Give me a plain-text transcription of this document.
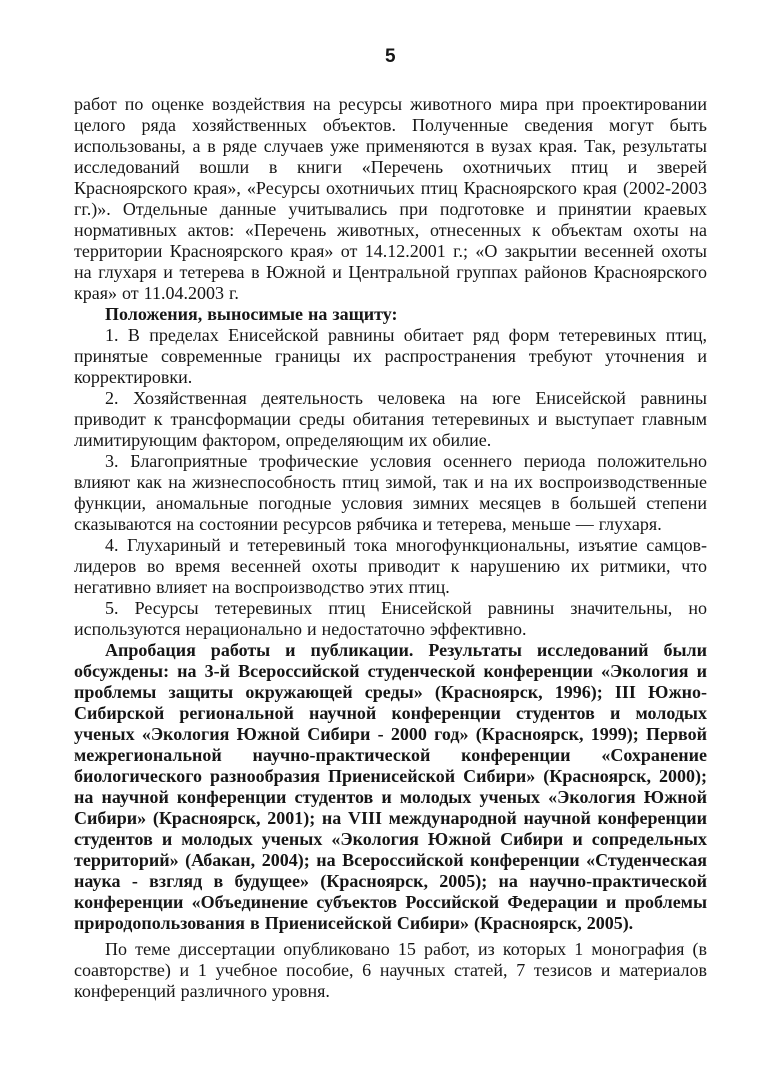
5

работ по оценке воздействия на ресурсы животного мира при проектировании целого ряда хозяйственных объектов. Полученные сведения могут быть использованы, а в ряде случаев уже применяются в вузах края. Так, результаты исследований вошли в книги «Перечень охотничьих птиц и зверей Красноярского края», «Ресурсы охотничьих птиц Красноярского края (2002-2003 гг.)». Отдельные данные учитывались при подготовке и принятии краевых нормативных актов: «Перечень животных, отнесенных к объектам охоты на территории Красноярского края» от 14.12.2001 г.; «О закрытии весенней охоты на глухаря и тетерева в Южной и Центральной группах районов Красноярского края» от 11.04.2003 г.

Положения, выносимые на защиту:

1. В пределах Енисейской равнины обитает ряд форм тетеревиных птиц, принятые современные границы их распространения требуют уточнения и корректировки.

2. Хозяйственная деятельность человека на юге Енисейской равнины приводит к трансформации среды обитания тетеревиных и выступает главным лимитирующим фактором, определяющим их обилие.

3. Благоприятные трофические условия осеннего периода положительно влияют как на жизнеспособность птиц зимой, так и на их воспроизводственные функции, аномальные погодные условия зимних месяцев в большей степени сказываются на состоянии ресурсов рябчика и тетерева, меньше — глухаря.

4. Глухариный и тетеревиный тока многофункциональны, изъятие самцов-лидеров во время весенней охоты приводит к нарушению их ритмики, что негативно влияет на воспроизводство этих птиц.

5. Ресурсы тетеревиных птиц Енисейской равнины значительны, но используются нерационально и недостаточно эффективно.

Апробация работы и публикации. Результаты исследований были обсуждены: на 3-й Всероссийской студенческой конференции «Экология и проблемы защиты окружающей среды» (Красноярск, 1996); III Южно-Сибирской региональной научной конференции студентов и молодых ученых «Экология Южной Сибири - 2000 год» (Красноярск, 1999); Первой межрегиональной научно-практической конференции «Сохранение биологического разнообразия Приенисейской Сибири» (Красноярск, 2000); на научной конференции студентов и молодых ученых «Экология Южной Сибири» (Красноярск, 2001); на VIII международной научной конференции студентов и молодых ученых «Экология Южной Сибири и сопредельных территорий» (Абакан, 2004); на Всероссийской конференции «Студенческая наука - взгляд в будущее» (Красноярск, 2005); на научно-практической конференции «Объединение субъектов Российской Федерации и проблемы природопользования в Приенисейской Сибири» (Красноярск, 2005).

По теме диссертации опубликовано 15 работ, из которых 1 монография (в соавторстве) и 1 учебное пособие, 6 научных статей, 7 тезисов и материалов конференций различного уровня.
